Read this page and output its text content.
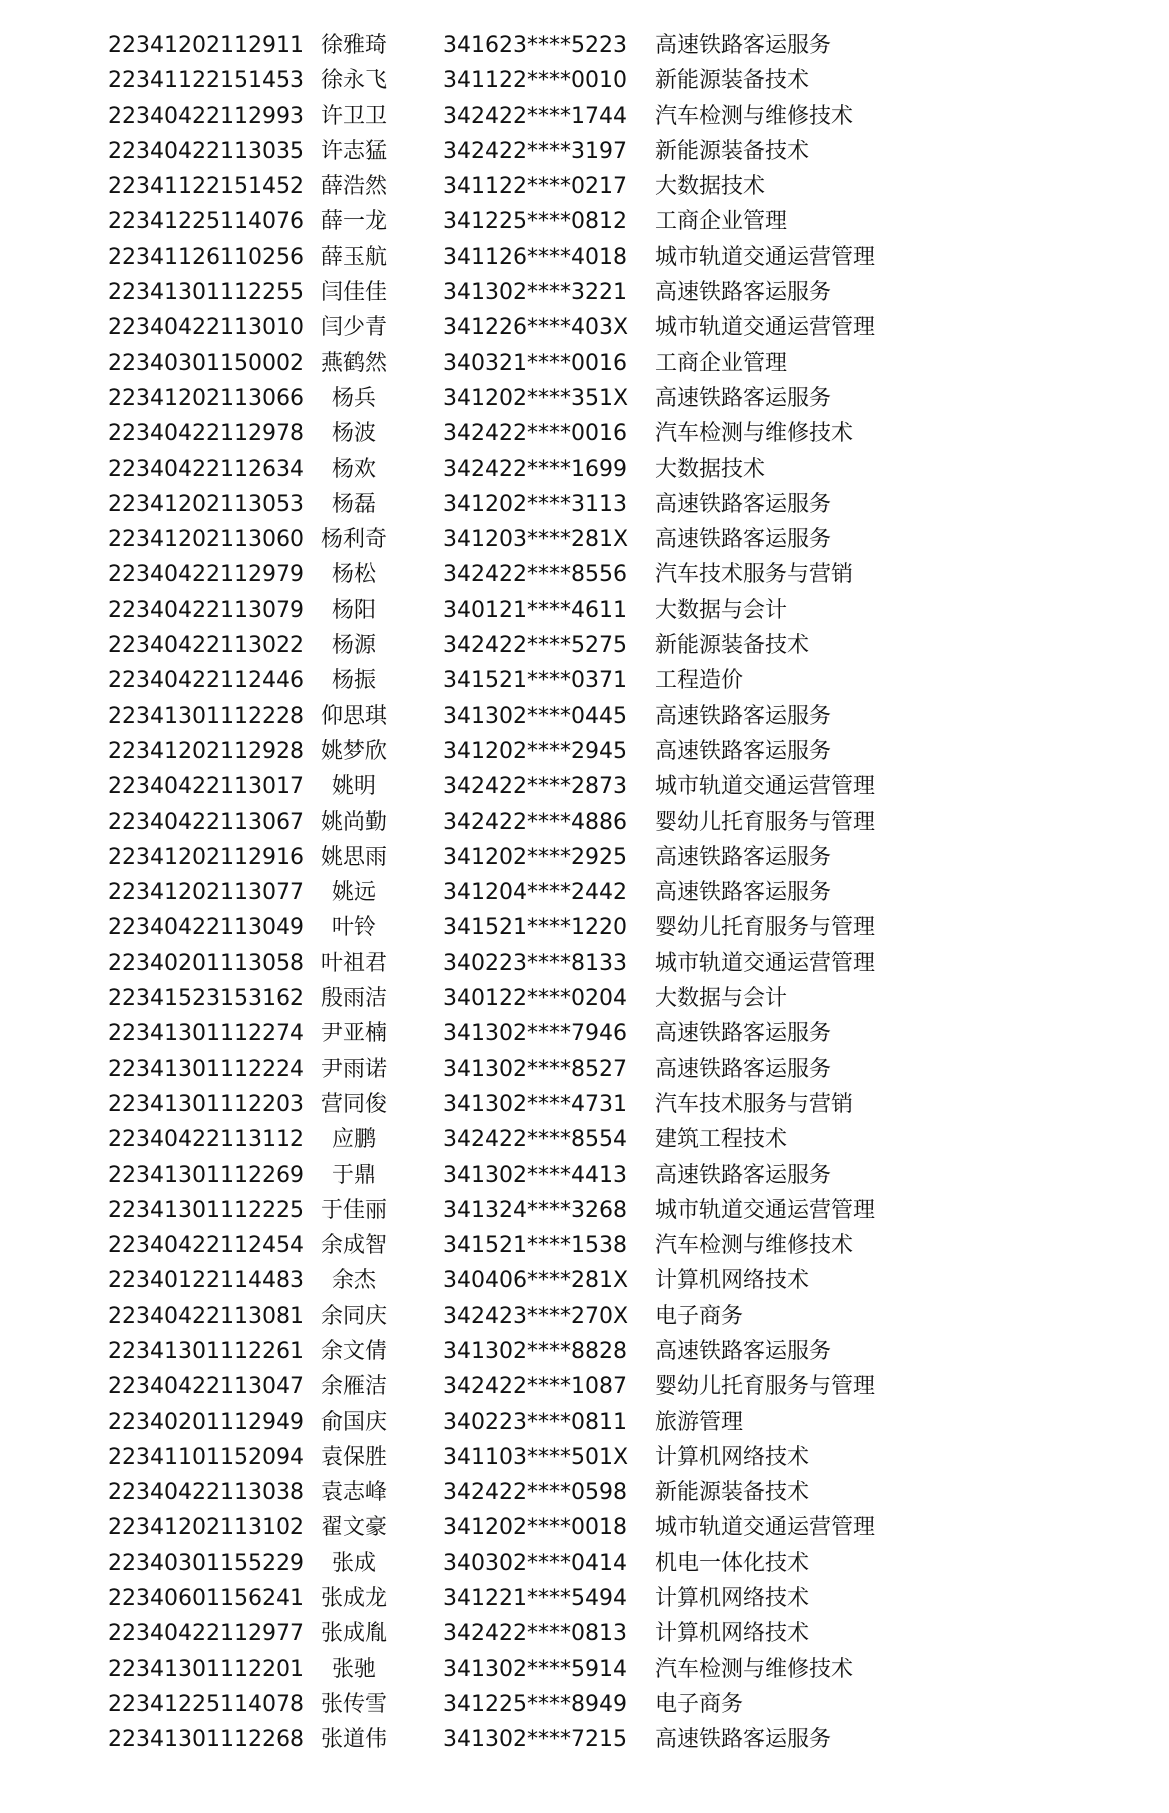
22341202112911 徐雅琦	341623****5223 高速铁路客运服务
22341122151453 徐永飞	341122****0010 新能源装备技术
22340422112993 许卫卫	342422****1744 汽车检测与维修技术
22340422113035 许志猛	342422****3197 新能源装备技术
22341122151452 薛浩然	341122****0217 大数据技术
22341225114076 薛一龙	341225****0812 工商企业管理
22341126110256 薛玉航	341126****4018 城市轨道交通运营管理
22341301112255 闫佳佳	341302****3221 高速铁路客运服务
22340422113010 闫少青	341226****403X 城市轨道交通运营管理
22340301150002 燕鹤然	340321****0016 工商企业管理
22341202113066	杨兵	341202****351X 高速铁路客运服务
22340422112978	杨波	342422****0016 汽车检测与维修技术
22340422112634	杨欢	342422****1699 大数据技术
22341202113053	杨磊	341202****3113 高速铁路客运服务
22341202113060 杨利奇	341203****281X 高速铁路客运服务
22340422112979	杨松	342422****8556 汽车技术服务与营销
22340422113079	杨阳	340121****4611 大数据与会计
22340422113022	杨源	342422****5275 新能源装备技术
22340422112446	杨振	341521****0371 工程造价
22341301112228 仰思琪	341302****0445 高速铁路客运服务
22341202112928 姚梦欣	341202****2945 高速铁路客运服务
22340422113017	姚明	342422****2873 城市轨道交通运营管理
22340422113067 姚尚勤	342422****4886 婴幼儿托育服务与管理
22341202112916 姚思雨	341202****2925 高速铁路客运服务
22341202113077	姚远	341204****2442 高速铁路客运服务
22340422113049	叶铃	341521****1220 婴幼儿托育服务与管理
22340201113058 叶祖君	340223****8133 城市轨道交通运营管理
22341523153162 殷雨洁	340122****0204 大数据与会计
22341301112274 尹亚楠	341302****7946 高速铁路客运服务
22341301112224 尹雨诺	341302****8527 高速铁路客运服务
22341301112203 营同俊	341302****4731 汽车技术服务与营销
22340422113112	应鹏	342422****8554 建筑工程技术
22341301112269	于鼎	341302****4413 高速铁路客运服务
22341301112225 于佳丽	341324****3268 城市轨道交通运营管理
22340422112454 余成智	341521****1538 汽车检测与维修技术
22340122114483	余杰	340406****281X 计算机网络技术
22340422113081 余同庆	342423****270X 电子商务
22341301112261 余文倩	341302****8828 高速铁路客运服务
22340422113047 余雁洁	342422****1087 婴幼儿托育服务与管理
22340201112949 俞国庆	340223****0811 旅游管理
22341101152094 袁保胜	341103****501X 计算机网络技术
22340422113038 袁志峰	342422****0598 新能源装备技术
22341202113102 翟文豪	341202****0018 城市轨道交通运营管理
22340301155229	张成	340302****0414 机电一体化技术
22340601156241 张成龙	341221****5494 计算机网络技术
22340422112977 张成胤	342422****0813 计算机网络技术
22341301112201	张驰	341302****5914 汽车检测与维修技术
22341225114078 张传雪	341225****8949 电子商务
22341301112268 张道伟	341302****7215 高速铁路客运服务
